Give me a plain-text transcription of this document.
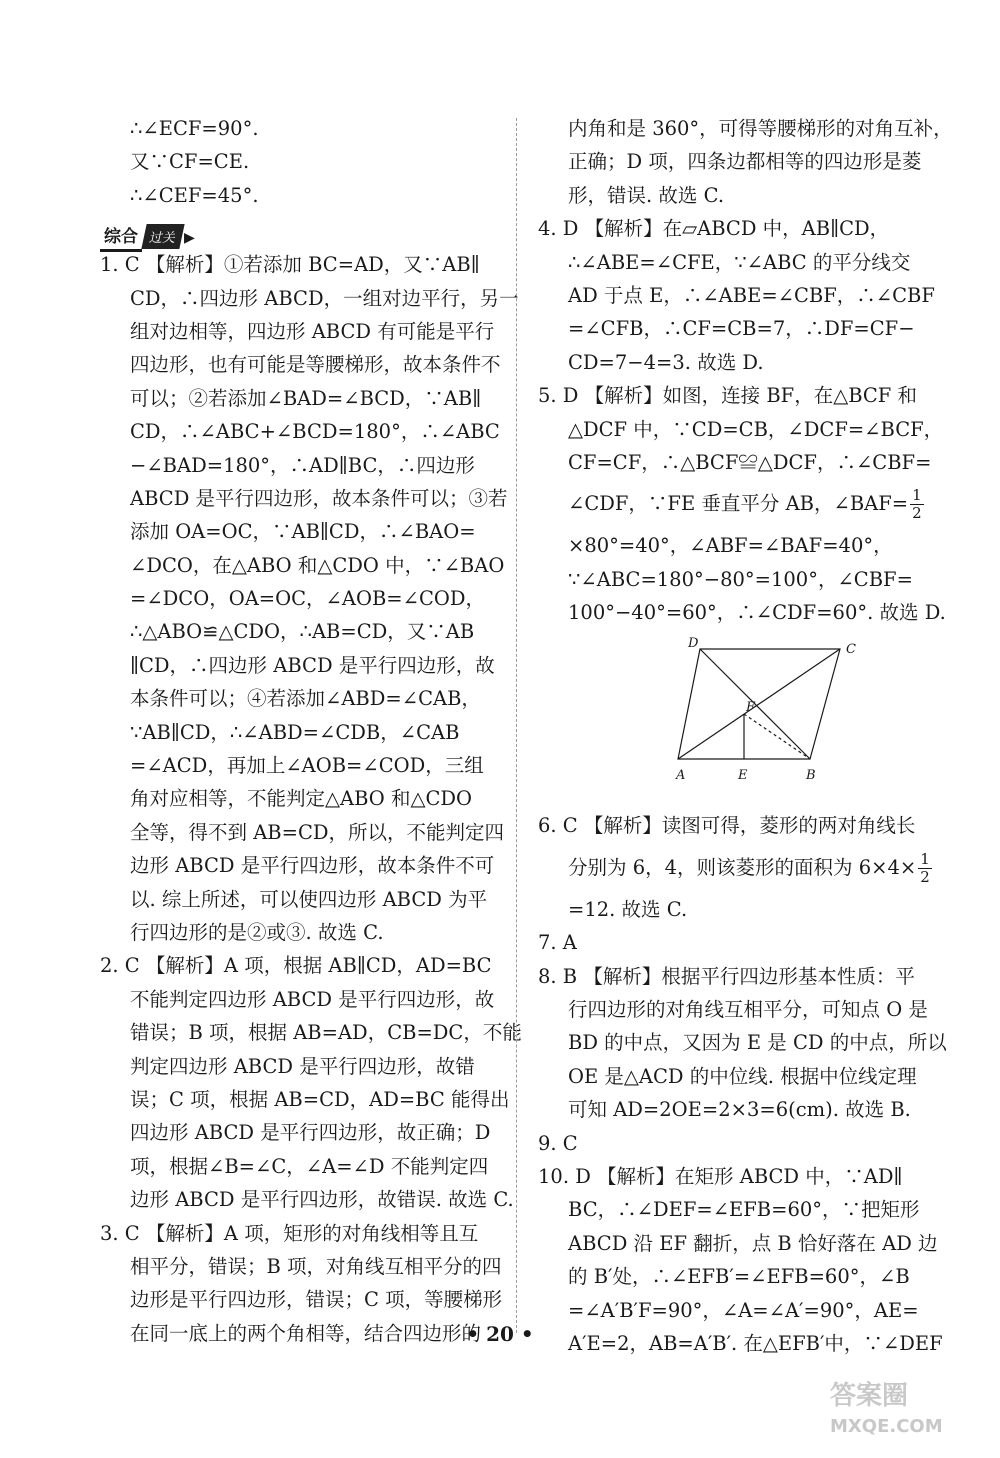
∴∠ECF=90°.
又∵CF=CE.
∴∠CEF=45°.
综合 过关 ▶
1. C 【解析】①若添加 BC=AD，又∵AB∥
CD，∴四边形 ABCD，一组对边平行，另一
组对边相等，四边形 ABCD 有可能是平行
四边形，也有可能是等腰梯形，故本条件不
可以；②若添加∠BAD=∠BCD，∵AB∥
CD，∴∠ABC+∠BCD=180°，∴∠ABC
−∠BAD=180°，∴AD∥BC，∴四边形
ABCD 是平行四边形，故本条件可以；③若
添加 OA=OC，∵AB∥CD，∴∠BAO=
∠DCO，在△ABO 和△CDO 中，∵∠BAO
=∠DCO，OA=OC，∠AOB=∠COD，
∴△ABO≌△CDO，∴AB=CD，又∵AB
∥CD，∴四边形 ABCD 是平行四边形，故
本条件可以；④若添加∠ABD=∠CAB，
∵AB∥CD，∴∠ABD=∠CDB，∠CAB
=∠ACD，再加上∠AOB=∠COD，三组
角对应相等，不能判定△ABO 和△CDO
全等，得不到 AB=CD，所以，不能判定四
边形 ABCD 是平行四边形，故本条件不可
以. 综上所述，可以使四边形 ABCD 为平
行四边形的是②或③. 故选 C.
2. C 【解析】A 项，根据 AB∥CD，AD=BC
不能判定四边形 ABCD 是平行四边形，故
错误；B 项，根据 AB=AD，CB=DC，不能
判定四边形 ABCD 是平行四边形，故错
误；C 项，根据 AB=CD，AD=BC 能得出
四边形 ABCD 是平行四边形，故正确；D
项，根据∠B=∠C，∠A=∠D 不能判定四
边形 ABCD 是平行四边形，故错误. 故选 C.
3. C 【解析】A 项，矩形的对角线相等且互
相平分，错误；B 项，对角线互相平分的四
边形是平行四边形，错误；C 项，等腰梯形
在同一底上的两个角相等，结合四边形的
内角和是 360°，可得等腰梯形的对角互补，
正确；D 项，四条边都相等的四边形是菱
形，错误. 故选 C.
4. D 【解析】在▱ABCD 中，AB∥CD，
∴∠ABE=∠CFE，∵∠ABC 的平分线交
AD 于点 E，∴∠ABE=∠CBF，∴∠CBF
=∠CFB，∴CF=CB=7，∴DF=CF−
CD=7−4=3. 故选 D.
5. D 【解析】如图，连接 BF，在△BCF 和
△DCF 中，∵CD=CB，∠DCF=∠BCF，
CF=CF，∴△BCF≌△DCF，∴∠CBF=
∠CDF，∵FE 垂直平分 AB，∠BAF= $\frac{1}{2}$
×80°=40°，∠ABF=∠BAF=40°，
∵∠ABC=180°−80°=100°，∠CBF=
100°−40°=60°，∴∠CDF=60°. 故选 D.
D	C
F
A	E	B
6. C 【解析】读图可得，菱形的两对角线长
分别为 6，4，则该菱形的面积为 $6\times 4\times \frac{1}{2}$
=12. 故选 C.
7. A
8. B 【解析】根据平行四边形基本性质：平
行四边形的对角线互相平分，可知点 O 是
BD 的中点，又因为 E 是 CD 的中点，所以
OE 是△ACD 的中位线. 根据中位线定理
可知 AD=2OE=2×3=6(cm). 故选 B.
9. C
10. D 【解析】在矩形 ABCD 中，∵AD∥
BC，∴∠DEF=∠EFB=60°，∵把矩形
ABCD 沿 EF 翻折，点 B 恰好落在 AD 边
的 B′处，∴∠EFB′=∠EFB=60°，∠B
=∠A′B′F=90°，∠A=∠A′=90°，AE=
A′E=2，AB=A′B′. 在△EFB′中，∵∠DEF
• 20 •
答案圈
MXQE.COM
